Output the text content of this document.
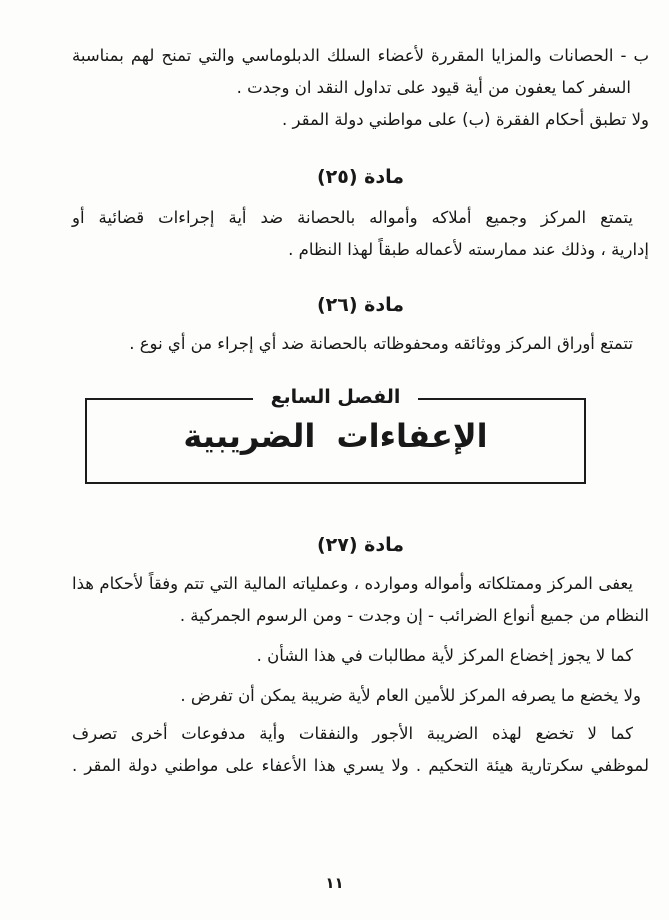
ب - الحصانات والمزايا المقررة لأعضاء السلك الدبلوماسي والتي تمنح لهم بمناسبة
السفر كما يعفون من أية قيود على تداول النقد ان وجدت .
ولا تطبق أحكام الفقرة (ب) على مواطني دولة المقر .
مادة (٢٥)
يتمتع المركز وجميع أملاكه وأمواله بالحصانة ضد أية إجراءات قضائية أو
إدارية ، وذلك عند ممارسته لأعماله طبقاً لهذا النظام .
مادة (٢٦)
تتمتع أوراق المركز ووثائقه ومحفوظاته بالحصانة ضد أي إجراء من أي نوع .
الفصل السابع
الإعفاءات الضريبية
مادة (٢٧)
يعفى المركز وممتلكاته وأمواله وموارده ، وعملياته المالية التي تتم وفقاً لأحكام هذا
النظام من جميع أنواع الضرائب - إن وجدت - ومن الرسوم الجمركية .
كما لا يجوز إخضاع المركز لأية مطالبات في هذا الشأن .
ولا يخضع ما يصرفه المركز للأمين العام لأية ضريبة يمكن أن تفرض .
كما لا تخضع لهذه الضريبة الأجور والنفقات وأية مدفوعات أخرى تصرف
لموظفي سكرتارية هيئة التحكيم . ولا يسري هذا الأعفاء على مواطني دولة المقر .
١١
